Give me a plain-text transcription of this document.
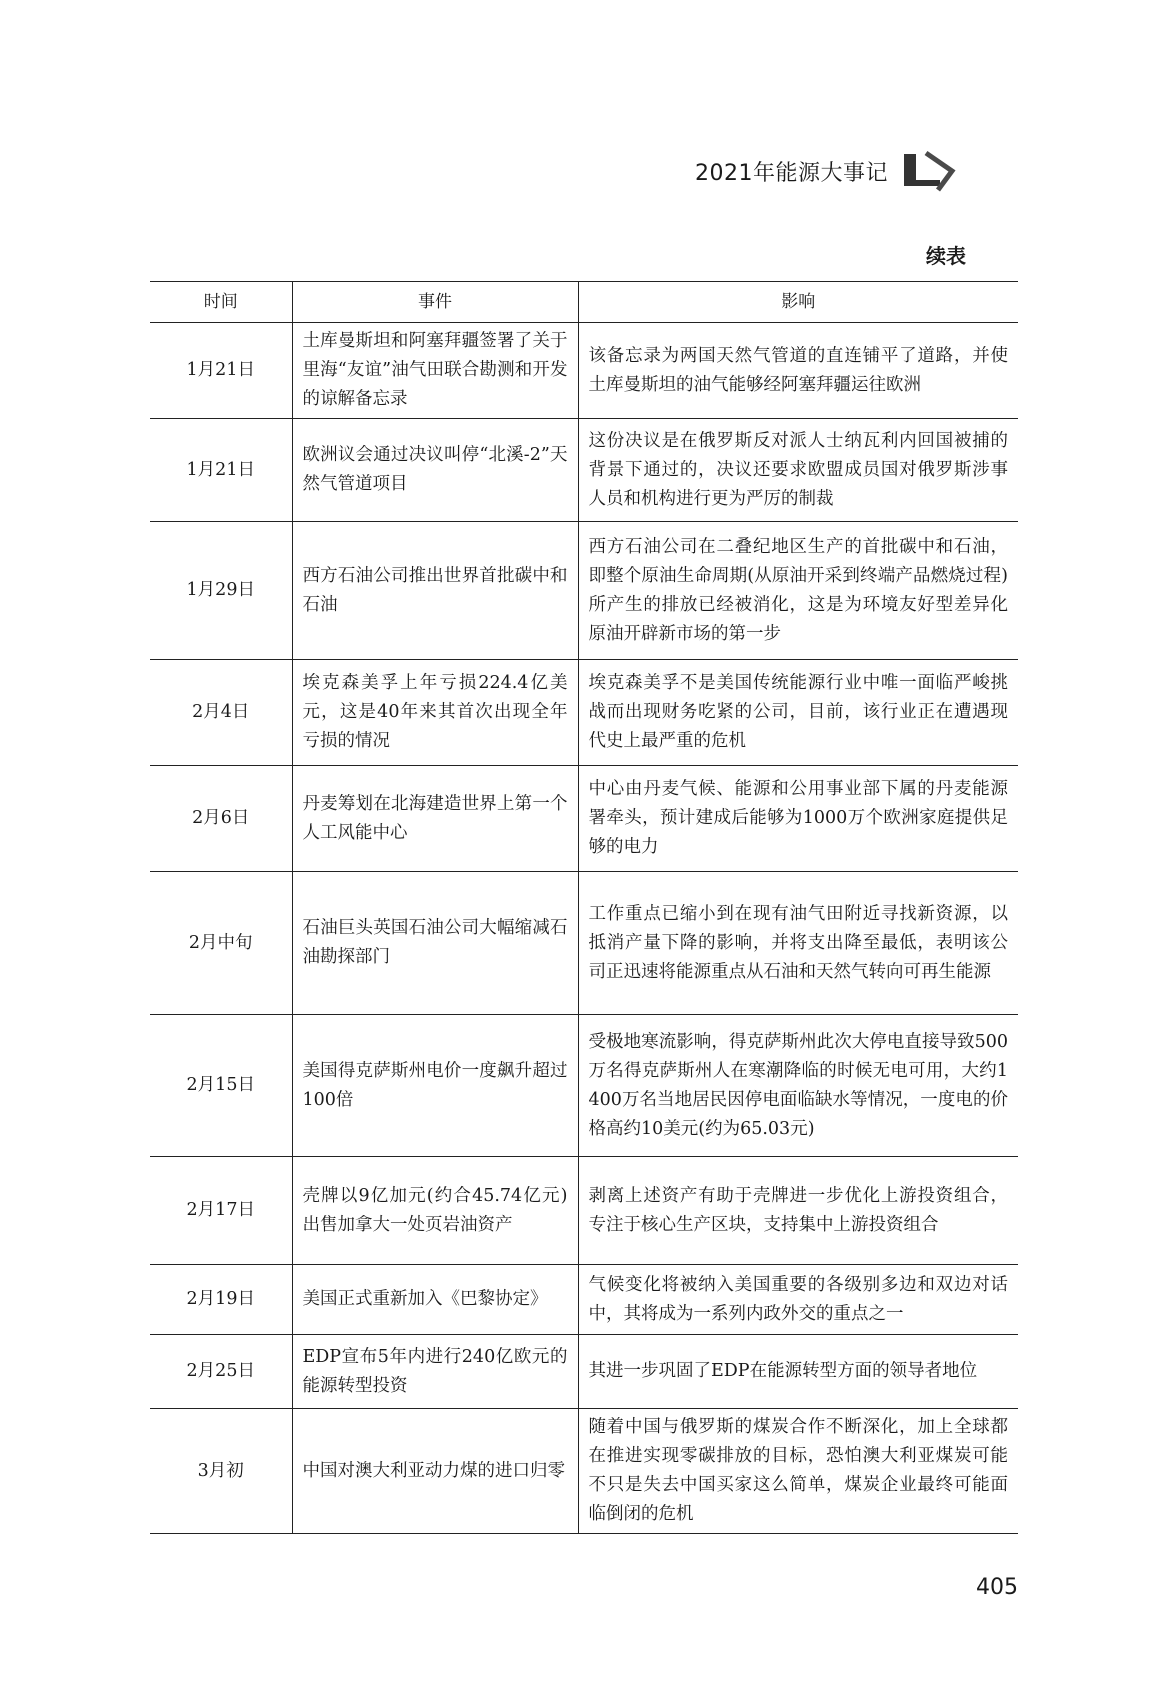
2021年能源大事记
续表
时间	事件	影响
1月21日	土库曼斯坦和阿塞拜疆签署了关于里海“友谊”油气田联合勘测和开发的谅解备忘录	该备忘录为两国天然气管道的直连铺平了道路，并使土库曼斯坦的油气能够经阿塞拜疆运往欧洲
1月21日	欧洲议会通过决议叫停“北溪-2”天然气管道项目	这份决议是在俄罗斯反对派人士纳瓦利内回国被捕的背景下通过的，决议还要求欧盟成员国对俄罗斯涉事人员和机构进行更为严厉的制裁
1月29日	西方石油公司推出世界首批碳中和石油	西方石油公司在二叠纪地区生产的首批碳中和石油，即整个原油生命周期(从原油开采到终端产品燃烧过程)所产生的排放已经被消化，这是为环境友好型差异化原油开辟新市场的第一步
2月4日	埃克森美孚上年亏损224.4亿美元，这是40年来其首次出现全年亏损的情况	埃克森美孚不是美国传统能源行业中唯一面临严峻挑战而出现财务吃紧的公司，目前，该行业正在遭遇现代史上最严重的危机
2月6日	丹麦筹划在北海建造世界上第一个人工风能中心	中心由丹麦气候、能源和公用事业部下属的丹麦能源署牵头，预计建成后能够为1000万个欧洲家庭提供足够的电力
2月中旬	石油巨头英国石油公司大幅缩减石油勘探部门	工作重点已缩小到在现有油气田附近寻找新资源，以抵消产量下降的影响，并将支出降至最低，表明该公司正迅速将能源重点从石油和天然气转向可再生能源
2月15日	美国得克萨斯州电价一度飙升超过100倍	受极地寒流影响，得克萨斯州此次大停电直接导致500万名得克萨斯州人在寒潮降临的时候无电可用，大约1400万名当地居民因停电面临缺水等情况，一度电的价格高约10美元(约为65.03元)
2月17日	壳牌以9亿加元(约合45.74亿元)出售加拿大一处页岩油资产	剥离上述资产有助于壳牌进一步优化上游投资组合，专注于核心生产区块，支持集中上游投资组合
2月19日	美国正式重新加入《巴黎协定》	气候变化将被纳入美国重要的各级别多边和双边对话中，其将成为一系列内政外交的重点之一
2月25日	EDP宣布5年内进行240亿欧元的能源转型投资	其进一步巩固了EDP在能源转型方面的领导者地位
3月初	中国对澳大利亚动力煤的进口归零	随着中国与俄罗斯的煤炭合作不断深化，加上全球都在推进实现零碳排放的目标，恐怕澳大利亚煤炭可能不只是失去中国买家这么简单，煤炭企业最终可能面临倒闭的危机
405
